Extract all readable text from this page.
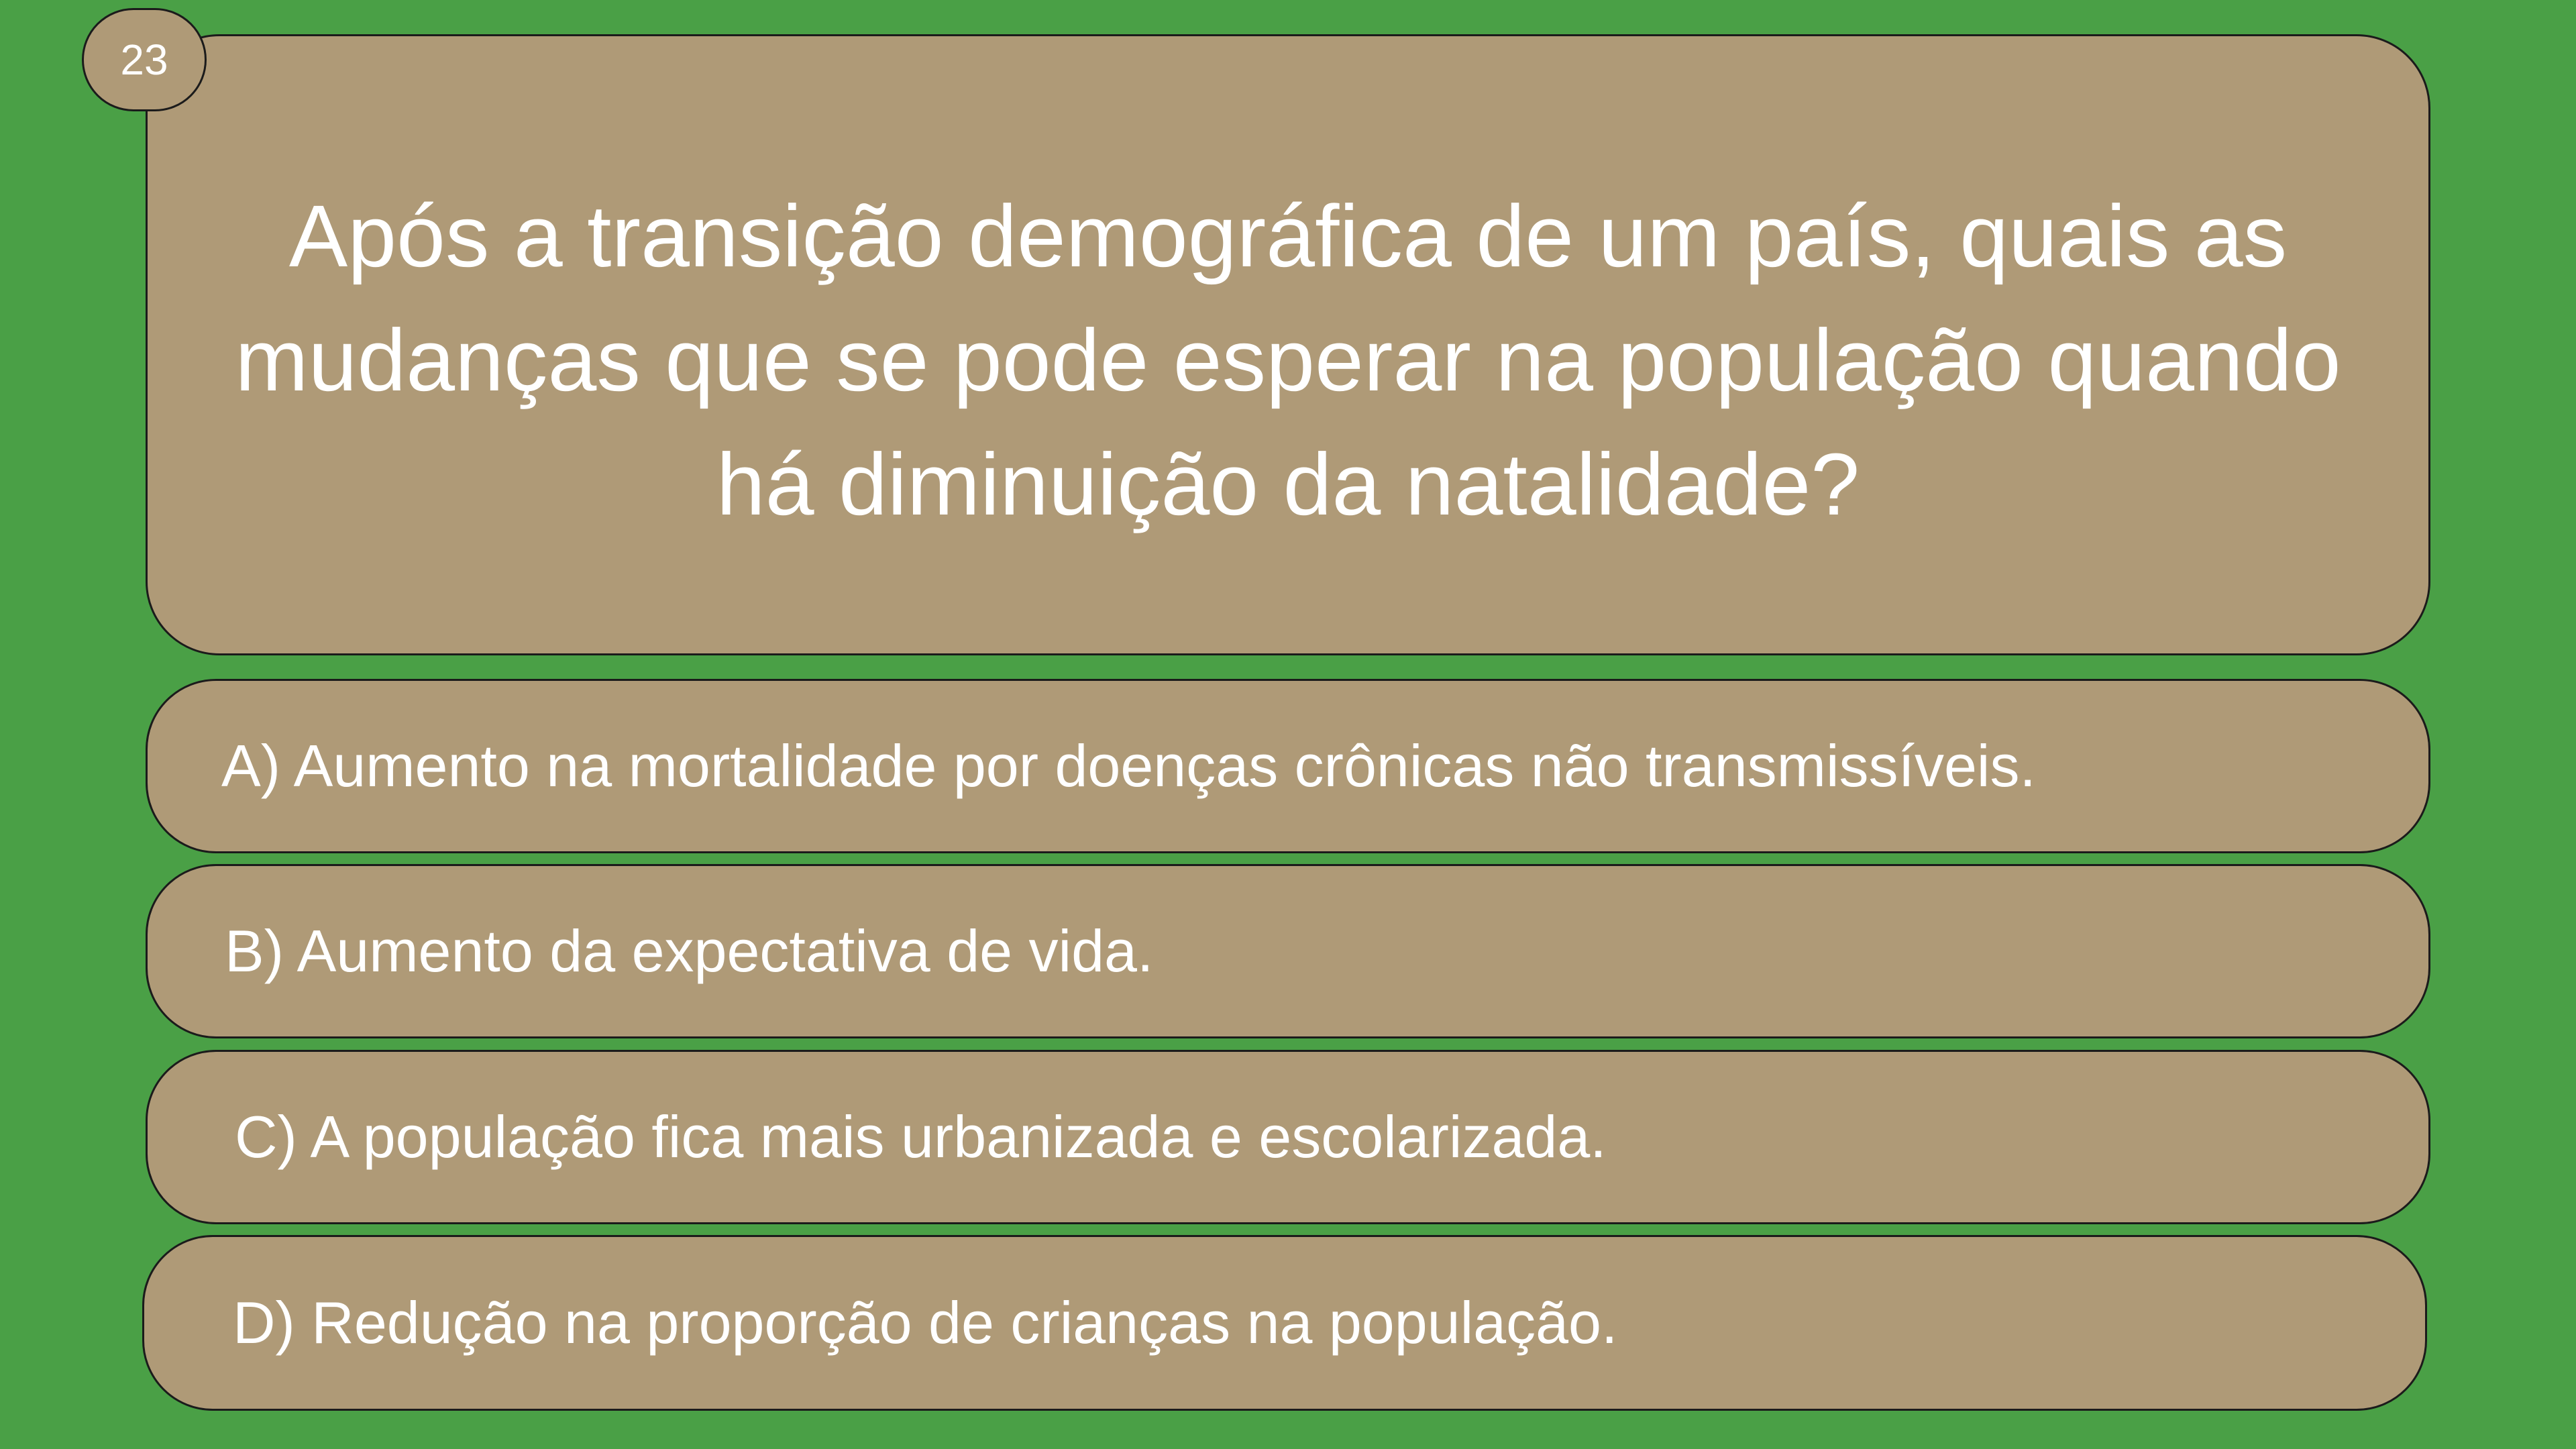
23
Após a transição demográfica de um país, quais as mudanças que se pode esperar na população quando há diminuição da natalidade?
A) Aumento na mortalidade por doenças crônicas não transmissíveis.
B) Aumento da expectativa de vida.
C) A população fica mais urbanizada e escolarizada.
D) Redução na proporção de crianças na população.
